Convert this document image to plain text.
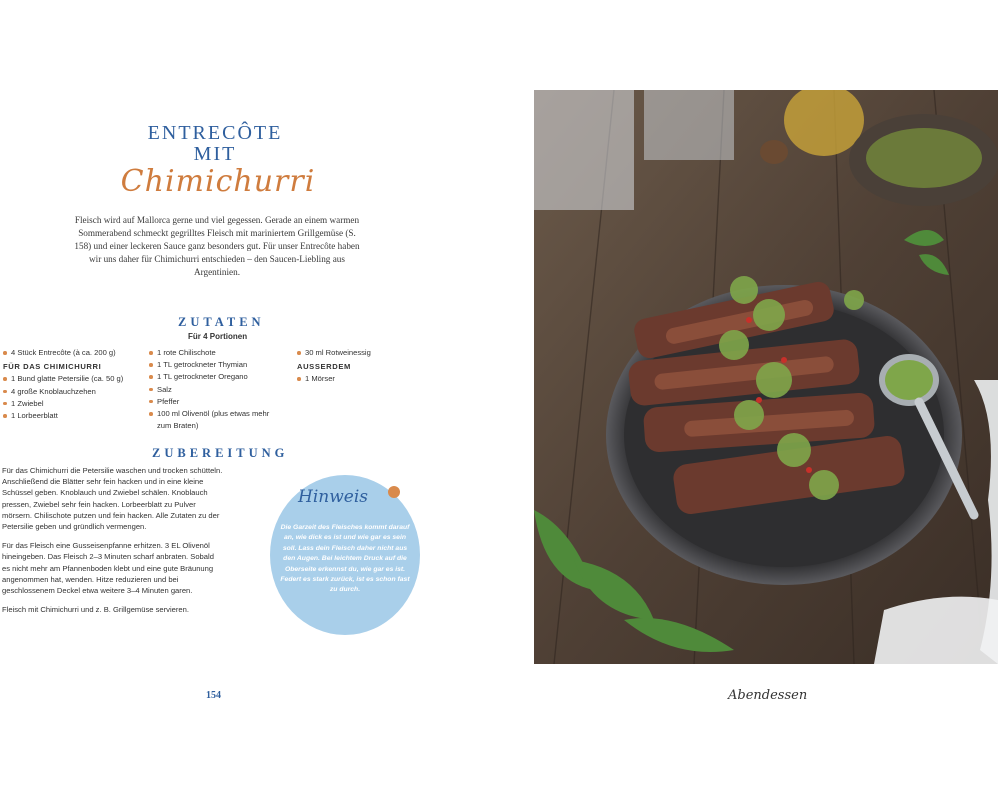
ENTRECÔTE
MIT
Chimichurri
Fleisch wird auf Mallorca gerne und viel gegessen. Gerade an einem warmen Sommerabend schmeckt gegrilltes Fleisch mit mariniertem Grillgemüse (S. 158) und einer leckeren Sauce ganz besonders gut. Für unser Entrecôte haben wir uns daher für Chimichurri entschieden – den Saucen-Liebling aus Argentinien.
ZUTATEN
Für 4 Portionen
4 Stück Entrecôte (à ca. 200 g)
FÜR DAS CHIMICHURRI
1 Bund glatte Petersilie (ca. 50 g)
4 große Knoblauchzehen
1 Zwiebel
1 Lorbeerblatt
1 rote Chilischote
1 TL getrockneter Thymian
1 TL getrockneter Oregano
Salz
Pfeffer
100 ml Olivenöl (plus etwas mehr zum Braten)
30 ml Rotweinessig
AUSSERDEM
1 Mörser
ZUBEREITUNG

Für das Chimichurri die Petersilie waschen und trocken schütteln. Anschließend die Blätter sehr fein hacken und in eine kleine Schüssel geben. Knoblauch und Zwiebel schälen. Knoblauch pressen, Zwiebel sehr fein hacken. Lorbeerblatt zu Pulver mörsern. Chilischote putzen und fein hacken. Alle Zutaten zu der Petersilie geben und gründlich vermengen.

Für das Fleisch eine Gusseisenpfanne erhitzen. 3 EL Olivenöl hineingeben. Das Fleisch 2–3 Minuten scharf anbraten. Sobald es nicht mehr am Pfannenboden klebt und eine gute Bräunung angenommen hat, wenden. Hitze reduzieren und bei geschlossenem Deckel etwa weitere 3–4 Minuten garen.

Fleisch mit Chimichurri und z. B. Grillgemüse servieren.

Hinweis
Die Garzeit des Fleisches kommt darauf an, wie dick es ist und wie gar es sein soll. Lass dein Fleisch daher nicht aus den Augen. Bei leichtem Druck auf die Oberseite erkennst du, wie gar es ist. Federt es stark zurück, ist es schon fast zu durch.
154	Abendessen
